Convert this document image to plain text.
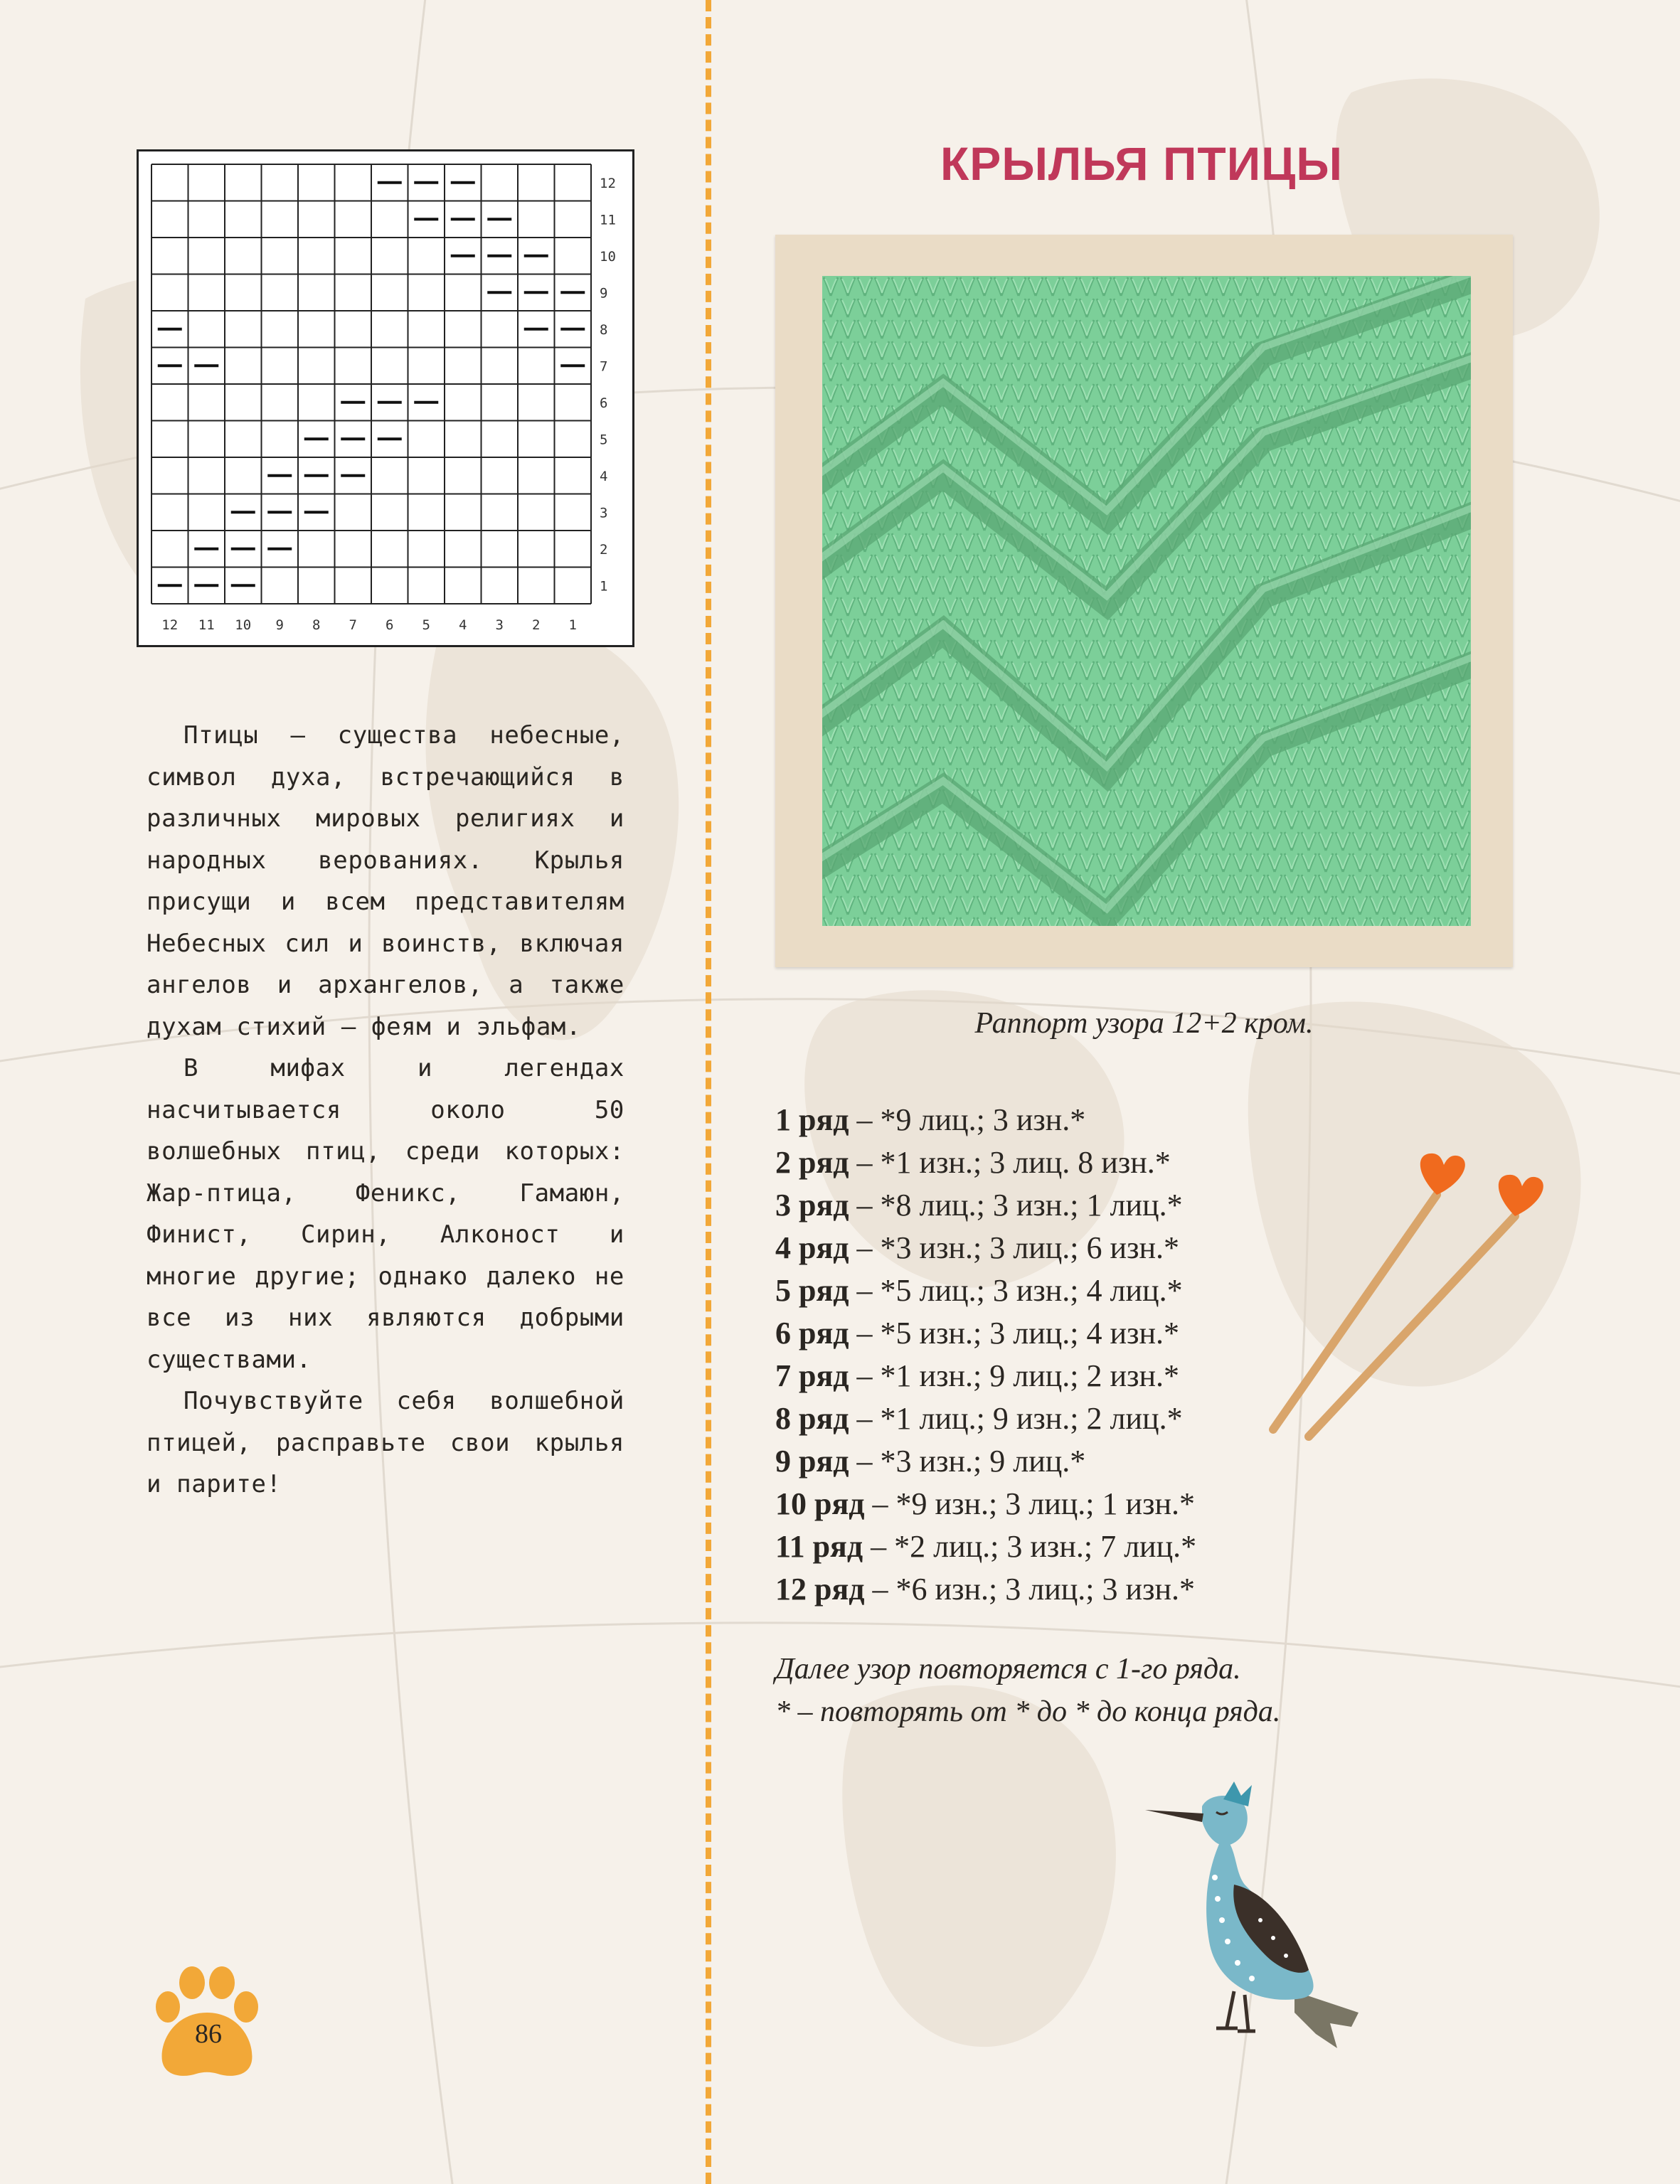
12
11
10
9
8
7
6
5
4
3
2
1
12 11 10 9 8 7 6 5 4 3 2 1

Птицы – существа небесные, символ духа, встречающийся в различных мировых религиях и народных верованиях. Крылья присущи и всем представителям Небесных сил и воинств, включая ангелов и архангелов, а также духам стихий – феям и эльфам.

В мифах и легендах насчитывается около 50 волшебных птиц, среди которых: Жар-птица, Феникс, Гамаюн, Финист, Сирин, Алконост и многие другие; однако далеко не все из них являются добрыми существами.

Почувствуйте себя волшебной птицей, расправьте свои крылья и парите!

86
КРЫЛЬЯ ПТИЦЫ
Раппорт узора 12+2 кром.
1 ряд – *9 лиц.; 3 изн.*
2 ряд – *1 изн.; 3 лиц. 8 изн.*
3 ряд – *8 лиц.; 3 изн.; 1 лиц.*
4 ряд – *3 изн.; 3 лиц.; 6 изн.*
5 ряд – *5 лиц.; 3 изн.; 4 лиц.*
6 ряд – *5 изн.; 3 лиц.; 4 изн.*
7 ряд – *1 изн.; 9 лиц.; 2 изн.*
8 ряд – *1 лиц.; 9 изн.; 2 лиц.*
9 ряд – *3 изн.; 9 лиц.*
10 ряд – *9 изн.; 3 лиц.; 1 изн.*
11 ряд – *2 лиц.; 3 изн.; 7 лиц.*
12 ряд – *6 изн.; 3 лиц.; 3 изн.*
Далее узор повторяется с 1-го ряда.
* – повторять от * до * до конца ряда.
